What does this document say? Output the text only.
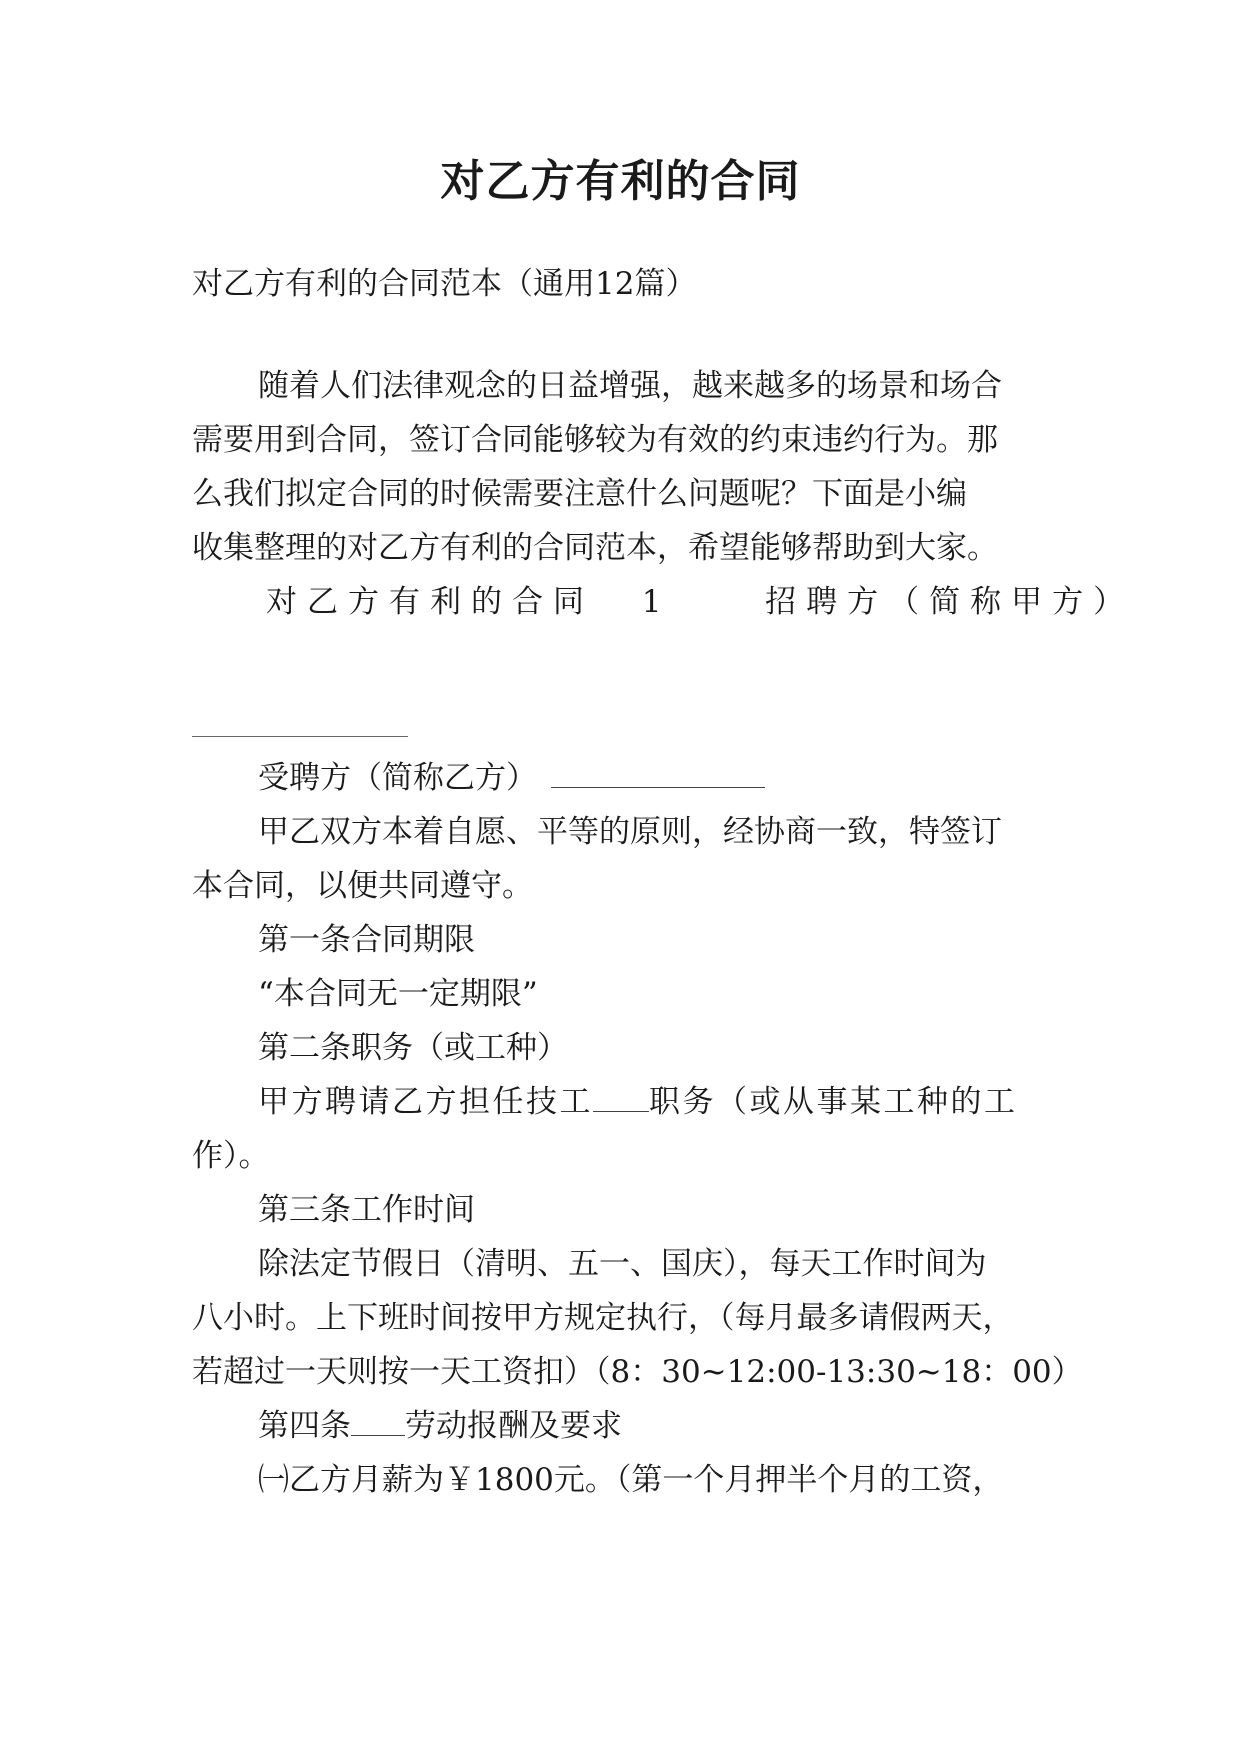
对乙方有利的合同

对乙方有利的合同范本（通用12篇）

随着人们法律观念的日益增强，越来越多的场景和场合

需要用到合同，签订合同能够较为有效的约束违约行为。那

么我们拟定合同的时候需要注意什么问题呢？下面是小编

收集整理的对乙方有利的合同范本，希望能够帮助到大家。

对乙方有利的合同 1	招聘方（简称甲方）

受聘方（简称乙方）

甲乙双方本着自愿、平等的原则，经协商一致，特签订

本合同，以便共同遵守。

第一条合同期限

“本合同无一定期限”

第二条职务（或工种）

甲方聘请乙方担任技工 职务（或从事某工种的工

作）。

第三条工作时间

除法定节假日（清明、五一、国庆），每天工作时间为

八小时。上下班时间按甲方规定执行，（每月最多请假两天，

若超过一天则按一天工资扣）（8：30~12:00-13:30~18：00）

第四条 劳动报酬及要求

㈠乙方月薪为￥1800元。（第一个月押半个月的工资，
